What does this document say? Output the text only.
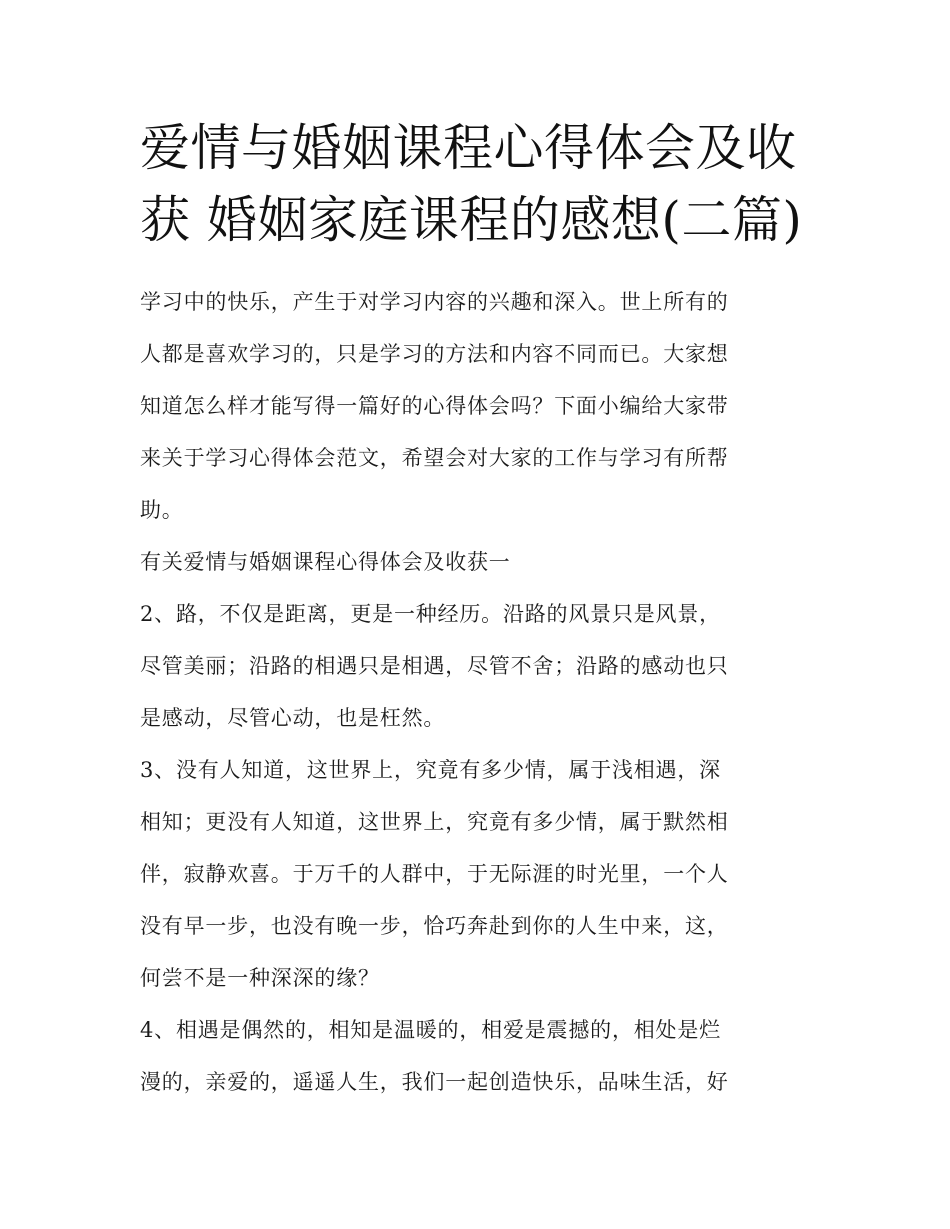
爱情与婚姻课程心得体会及收
获 婚姻家庭课程的感想(二篇)
学习中的快乐，产生于对学习内容的兴趣和深入。世上所有的
人都是喜欢学习的，只是学习的方法和内容不同而已。大家想
知道怎么样才能写得一篇好的心得体会吗？下面小编给大家带
来关于学习心得体会范文，希望会对大家的工作与学习有所帮
助。
有关爱情与婚姻课程心得体会及收获一
2、路，不仅是距离，更是一种经历。沿路的风景只是风景，
尽管美丽；沿路的相遇只是相遇，尽管不舍；沿路的感动也只
是感动，尽管心动，也是枉然。
3、没有人知道，这世界上，究竟有多少情，属于浅相遇，深
相知；更没有人知道，这世界上，究竟有多少情，属于默然相
伴，寂静欢喜。于万千的人群中，于无际涯的时光里，一个人
没有早一步，也没有晚一步，恰巧奔赴到你的人生中来，这，
何尝不是一种深深的缘？
4、相遇是偶然的，相知是温暖的，相爱是震撼的，相处是烂
漫的，亲爱的，遥遥人生，我们一起创造快乐，品味生活，好
